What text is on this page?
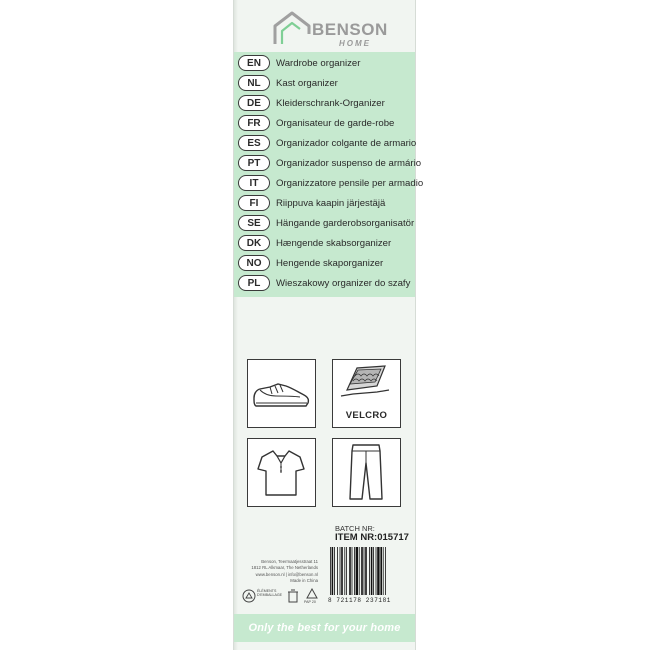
BENSON
HOME
EN	Wardrobe organizer
NL	Kast organizer
DE	Kleiderschrank-Organizer
FR	Organisateur de garde-robe
ES	Organizador colgante de armario
PT	Organizador suspenso de armário
IT	Organizzatore pensile per armadio
FI	Riippuva kaapin järjestäjä
SE	Hängande garderobsorganisatör
DK	Hængende skabsorganizer
NO	Hengende skaporganizer
PL	Wieszakowy organizer do szafy
VELCRO
BATCH NR:
ITEM NR:015717
Benson, Teermaatjesstraat 11
1812 RL Alkmaar, The Netherlands
www.benson.nl | info@benson.nl
Made in China
ÉLÉMENTS D'EMBALLAGE
PAP 20	8 721178 237181
Only the best for your home
